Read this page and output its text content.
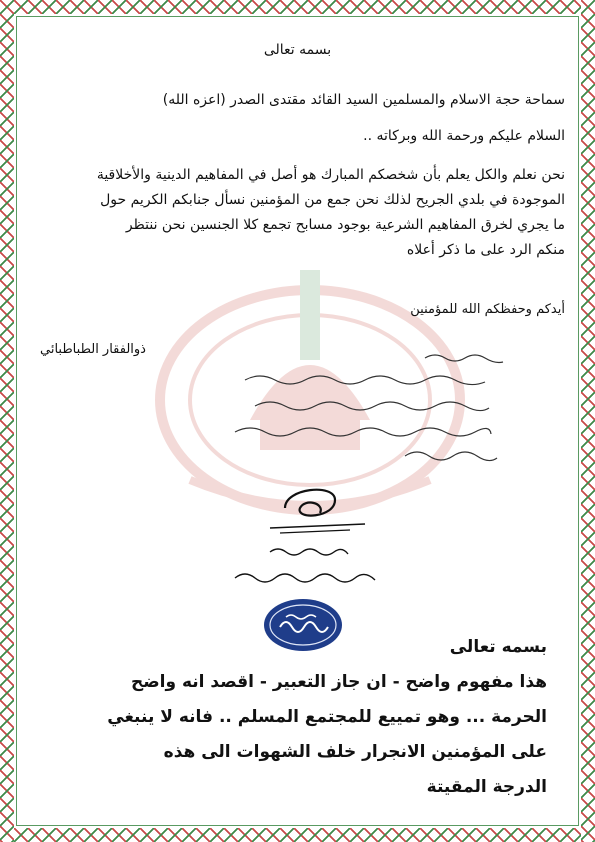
بسمه تعالى
سماحة حجة الاسلام والمسلمين السيد القائد مقتدى الصدر (اعزه الله)
السلام عليكم ورحمة الله وبركاته ..
نحن نعلم والكل يعلم بأن شخصكم المبارك هو أصل في المفاهيم الدينية والأخلاقية
الموجودة في بلدي الجريح لذلك نحن جمع من المؤمنين نسأل جنابكم الكريم حول
ما يجري لخرق المفاهيم الشرعية بوجود مسابح تجمع كلا الجنسين نحن ننتظر
منكم الرد على ما ذكر أعلاه
أيدكم وحفظكم الله للمؤمنين
ذوالفقار الطباطبائي
بسمه تعالى
هذا مفهوم واضح - ان جاز التعبير - اقصد انه واضح
الحرمة ... وهو تمييع للمجتمع المسلم .. فانه لا ينبغي
على المؤمنين الانجرار خلف الشهوات الى هذه
الدرجة المقيتة
